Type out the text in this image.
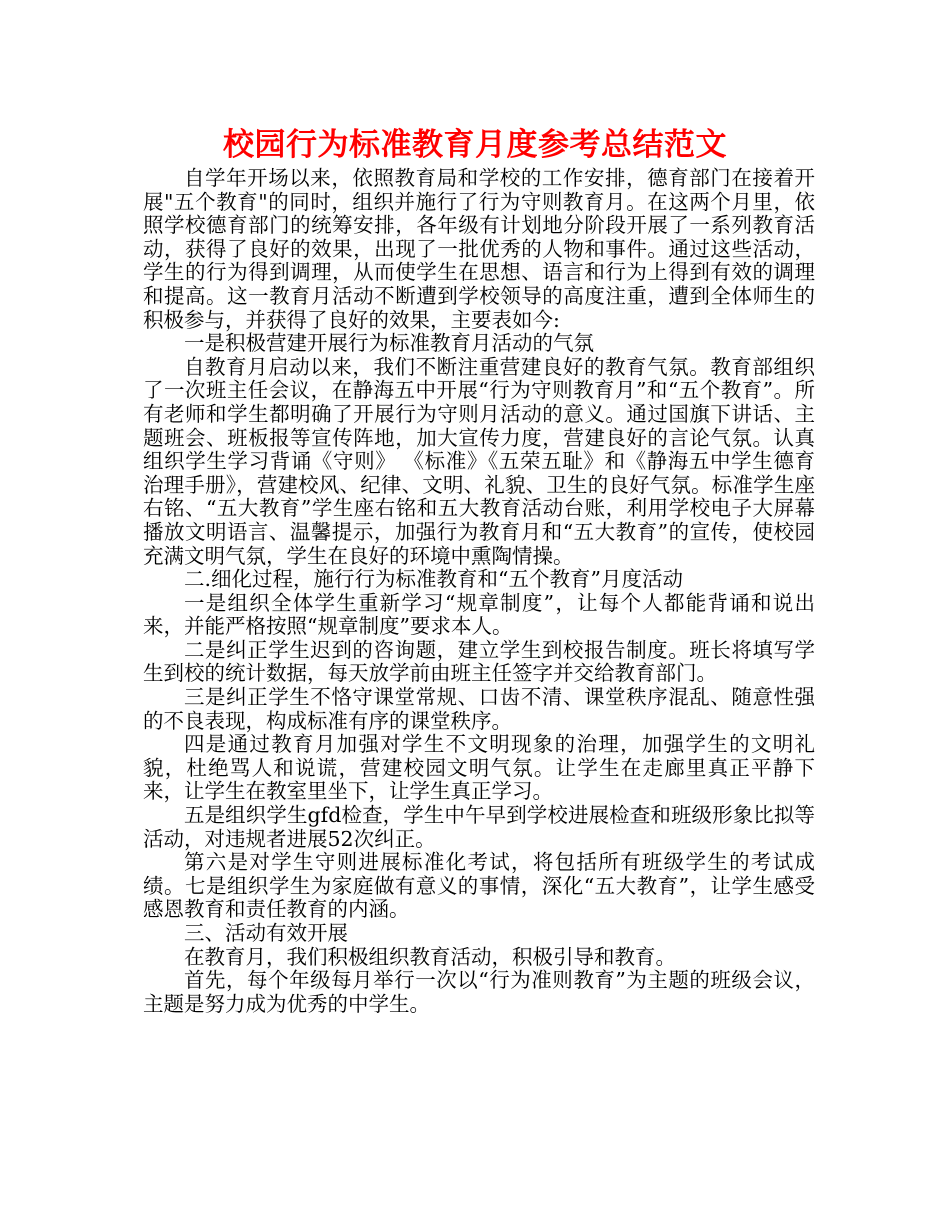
校园行为标准教育月度参考总结范文

自学年开场以来，依照教育局和学校的工作安排，德育部门在接着开展"五个教育"的同时，组织并施行了行为守则教育月。在这两个月里，依照学校德育部门的统筹安排，各年级有计划地分阶段开展了一系列教育活动，获得了良好的效果，出现了一批优秀的人物和事件。通过这些活动，学生的行为得到调理，从而使学生在思想、语言和行为上得到有效的调理和提高。这一教育月活动不断遭到学校领导的高度注重，遭到全体师生的积极参与，并获得了良好的效果，主要表如今:

一是积极营建开展行为标准教育月活动的气氛

自教育月启动以来，我们不断注重营建良好的教育气氛。教育部组织了一次班主任会议，在静海五中开展“行为守则教育月”和“五个教育”。所有老师和学生都明确了开展行为守则月活动的意义。通过国旗下讲话、主题班会、班板报等宣传阵地，加大宣传力度，营建良好的言论气氛。认真组织学生学习背诵《守则》 《标准》《五荣五耻》和《静海五中学生德育治理手册》，营建校风、纪律、文明、礼貌、卫生的良好气氛。标准学生座右铭、“五大教育”学生座右铭和五大教育活动台账，利用学校电子大屏幕播放文明语言、温馨提示，加强行为教育月和“五大教育”的宣传，使校园充满文明气氛，学生在良好的环境中熏陶情操。

二.细化过程，施行行为标准教育和“五个教育”月度活动

一是组织全体学生重新学习“规章制度”，让每个人都能背诵和说出来，并能严格按照“规章制度”要求本人。

二是纠正学生迟到的咨询题，建立学生到校报告制度。班长将填写学生到校的统计数据，每天放学前由班主任签字并交给教育部门。

三是纠正学生不恪守课堂常规、口齿不清、课堂秩序混乱、随意性强的不良表现，构成标准有序的课堂秩序。

四是通过教育月加强对学生不文明现象的治理，加强学生的文明礼貌，杜绝骂人和说谎，营建校园文明气氛。让学生在走廊里真正平静下来，让学生在教室里坐下，让学生真正学习。

五是组织学生gfd检查，学生中午早到学校进展检查和班级形象比拟等活动，对违规者进展52次纠正。

第六是对学生守则进展标准化考试，将包括所有班级学生的考试成绩。七是组织学生为家庭做有意义的事情，深化“五大教育”，让学生感受感恩教育和责任教育的内涵。

三、活动有效开展

在教育月，我们积极组织教育活动，积极引导和教育。

首先，每个年级每月举行一次以“行为准则教育”为主题的班级会议，主题是努力成为优秀的中学生。
